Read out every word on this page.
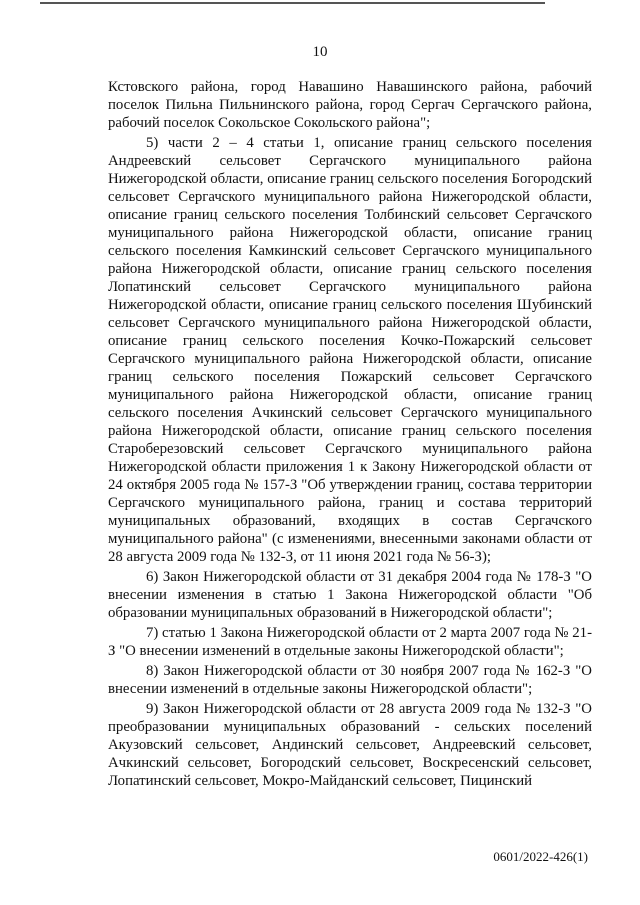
10

Кстовского района, город Навашино Навашинского района, рабочий поселок Пильна Пильнинского района, город Сергач Сергачского района, рабочий поселок Сокольское Сокольского района";

5) части 2 – 4 статьи 1, описание границ сельского поселения Андреевский сельсовет Сергачского муниципального района Нижегородской области, описание границ сельского поселения Богородский сельсовет Сергачского муниципального района Нижегородской области, описание границ сельского поселения Толбинский сельсовет Сергачского муниципального района Нижегородской области, описание границ сельского поселения Камкинский сельсовет Сергачского муниципального района Нижегородской области, описание границ сельского поселения Лопатинский сельсовет Сергачского муниципального района Нижегородской области, описание границ сельского поселения Шубинский сельсовет Сергачского муниципального района Нижегородской области, описание границ сельского поселения Кочко-Пожарский сельсовет Сергачского муниципального района Нижегородской области, описание границ сельского поселения Пожарский сельсовет Сергачского муниципального района Нижегородской области, описание границ сельского поселения Ачкинский сельсовет Сергачского муниципального района Нижегородской области, описание границ сельского поселения Староберезовский сельсовет Сергачского муниципального района Нижегородской области приложения 1 к Закону Нижегородской области от 24 октября 2005 года № 157-З "Об утверждении границ, состава территории Сергачского муниципального района, границ и состава территорий муниципальных образований, входящих в состав Сергачского муниципального района" (с изменениями, внесенными законами области от 28 августа 2009 года № 132-З, от 11 июня 2021 года № 56-З);

6) Закон Нижегородской области от 31 декабря 2004 года № 178-З "О внесении изменения в статью 1 Закона Нижегородской области "Об образовании муниципальных образований в Нижегородской области";

7) статью 1 Закона Нижегородской области от 2 марта 2007 года № 21-З "О внесении изменений в отдельные законы Нижегородской области";

8) Закон Нижегородской области от 30 ноября 2007 года № 162-З "О внесении изменений в отдельные законы Нижегородской области";

9) Закон Нижегородской области от 28 августа 2009 года № 132-З "О преобразовании муниципальных образований - сельских поселений Акузовский сельсовет, Андинский сельсовет, Андреевский сельсовет, Ачкинский сельсовет, Богородский сельсовет, Воскресенский сельсовет, Лопатинский сельсовет, Мокро-Майданский сельсовет, Пицинский

0601/2022-426(1)
